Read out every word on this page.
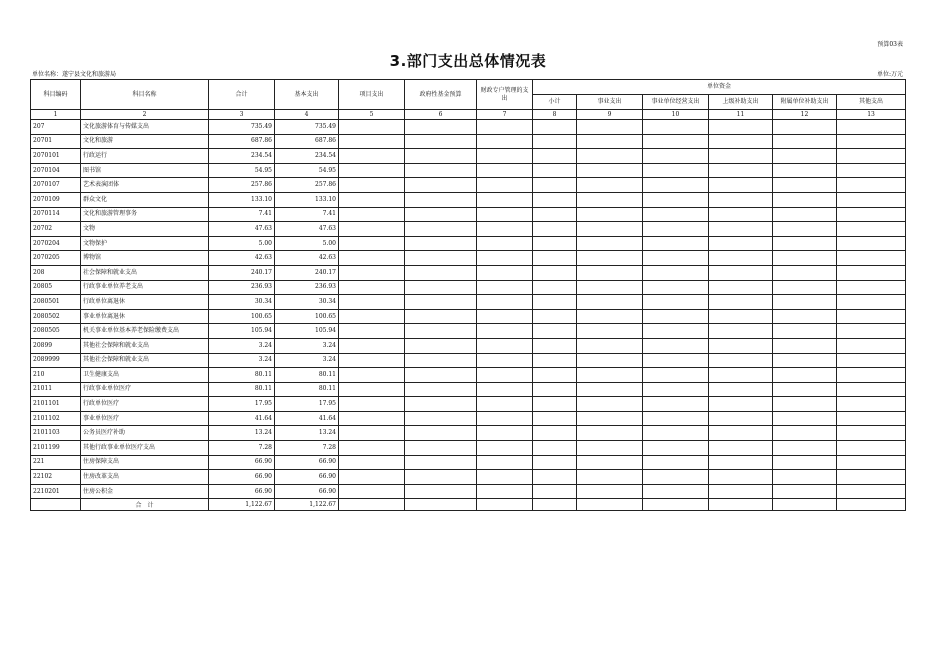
预算03表
3.部门支出总体情况表
单位名称：遂宁县文化和旅游局	单位:万元
科目编码	科目名称	合计	基本支出	项目支出	政府性基金预算	财政专户管理的支出	单位资金					
							小计	事业支出	事业单位经营支出	上级补助支出	附属单位补助支出	其他支出
1	2	3	4	5	6	7	8	9	10	11	12	13
207	文化旅游体育与传媒支出	735.49	735.49									
20701	文化和旅游	687.86	687.86									
2070101	行政运行	234.54	234.54									
2070104	图书馆	54.95	54.95									
2070107	艺术表演团体	257.86	257.86									
2070109	群众文化	133.10	133.10									
2070114	文化和旅游管理事务	7.41	7.41									
20702	文物	47.63	47.63									
2070204	文物保护	5.00	5.00									
2070205	博物馆	42.63	42.63									
208	社会保障和就业支出	240.17	240.17									
20805	行政事业单位养老支出	236.93	236.93									
2080501	行政单位离退休	30.34	30.34									
2080502	事业单位离退休	100.65	100.65									
2080505	机关事业单位基本养老保险缴费支出	105.94	105.94									
20899	其他社会保障和就业支出	3.24	3.24									
2089999	其他社会保障和就业支出	3.24	3.24									
210	卫生健康支出	80.11	80.11									
21011	行政事业单位医疗	80.11	80.11									
2101101	行政单位医疗	17.95	17.95									
2101102	事业单位医疗	41.64	41.64									
2101103	公务员医疗补助	13.24	13.24									
2101199	其他行政事业单位医疗支出	7.28	7.28									
221	住房保障支出	66.90	66.90									
22102	住房改革支出	66.90	66.90									
2210201	住房公积金	66.90	66.90									
	合　计	1,122.67	1,122.67									
